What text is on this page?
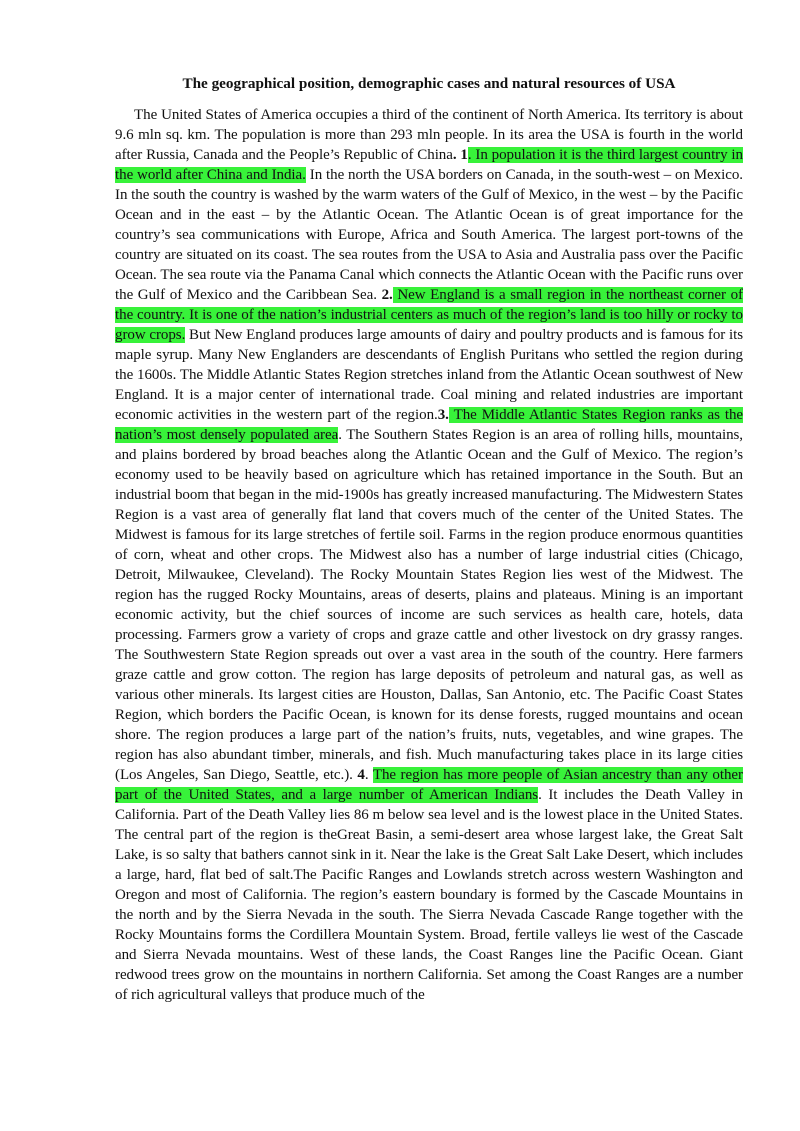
The geographical position, demographic cases and natural resources of USA

The United States of America occupies a third of the continent of North America. Its territory is about 9.6 mln sq. km. The population is more than 293 mln people. In its area the USA is fourth in the world after Russia, Canada and the People’s Republic of China. 1. In population it is the third largest country in the world after China and India. In the north the USA borders on Canada, in the south-west – on Mexico. In the south the country is washed by the warm waters of the Gulf of Mexico, in the west – by the Pacific Ocean and in the east – by the Atlantic Ocean. The Atlantic Ocean is of great importance for the country’s sea communications with Europe, Africa and South America. The largest port-towns of the country are situated on its coast. The sea routes from the USA to Asia and Australia pass over the Pacific Ocean. The sea route via the Panama Canal which connects the Atlantic Ocean with the Pacific runs over the Gulf of Mexico and the Caribbean Sea. 2. New England is a small region in the northeast corner of the country. It is one of the nation’s industrial centers as much of the region’s land is too hilly or rocky to grow crops. But New England produces large amounts of dairy and poultry products and is famous for its maple syrup. Many New Englanders are descendants of English Puritans who settled the region during the 1600s. The Middle Atlantic States Region stretches inland from the Atlantic Ocean southwest of New England. It is a major center of international trade. Coal mining and related industries are important economic activities in the western part of the region.3. The Middle Atlantic States Region ranks as the nation’s most densely populated area. The Southern States Region is an area of rolling hills, mountains, and plains bordered by broad beaches along the Atlantic Ocean and the Gulf of Mexico. The region’s economy used to be heavily based on agriculture which has retained importance in the South. But an industrial boom that began in the mid-1900s has greatly increased manufacturing. The Midwestern States Region is a vast area of generally flat land that covers much of the center of the United States. The Midwest is famous for its large stretches of fertile soil. Farms in the region produce enormous quantities of corn, wheat and other crops. The Midwest also has a number of large industrial cities (Chicago, Detroit, Milwaukee, Cleveland). The Rocky Mountain States Region lies west of the Midwest. The region has the rugged Rocky Mountains, areas of deserts, plains and plateaus. Mining is an important economic activity, but the chief sources of income are such services as health care, hotels, data processing. Farmers grow a variety of crops and graze cattle and other livestock on dry grassy ranges. The Southwestern State Region spreads out over a vast area in the south of the country. Here farmers graze cattle and grow cotton. The region has large deposits of petroleum and natural gas, as well as various other minerals. Its largest cities are Houston, Dallas, San Antonio, etc. The Pacific Coast States Region, which borders the Pacific Ocean, is known for its dense forests, rugged mountains and ocean shore. The region produces a large part of the nation’s fruits, nuts, vegetables, and wine grapes. The region has also abundant timber, minerals, and fish. Much manufacturing takes place in its large cities (Los Angeles, San Diego, Seattle, etc.). 4. The region has more people of Asian ancestry than any other part of the United States, and a large number of American Indians. It includes the Death Valley in California. Part of the Death Valley lies 86 m below sea level and is the lowest place in the United States. The central part of the region is theGreat Basin, a semi-desert area whose largest lake, the Great Salt Lake, is so salty that bathers cannot sink in it. Near the lake is the Great Salt Lake Desert, which includes a large, hard, flat bed of salt.The Pacific Ranges and Lowlands stretch across western Washington and Oregon and most of California. The region’s eastern boundary is formed by the Cascade Mountains in the north and by the Sierra Nevada in the south. The Sierra Nevada Cascade Range together with the Rocky Mountains forms the Cordillera Mountain System. Broad, fertile valleys lie west of the Cascade and Sierra Nevada mountains. West of these lands, the Coast Ranges line the Pacific Ocean. Giant redwood trees grow on the mountains in northern California. Set among the Coast Ranges are a number of rich agricultural valleys that produce much of the
